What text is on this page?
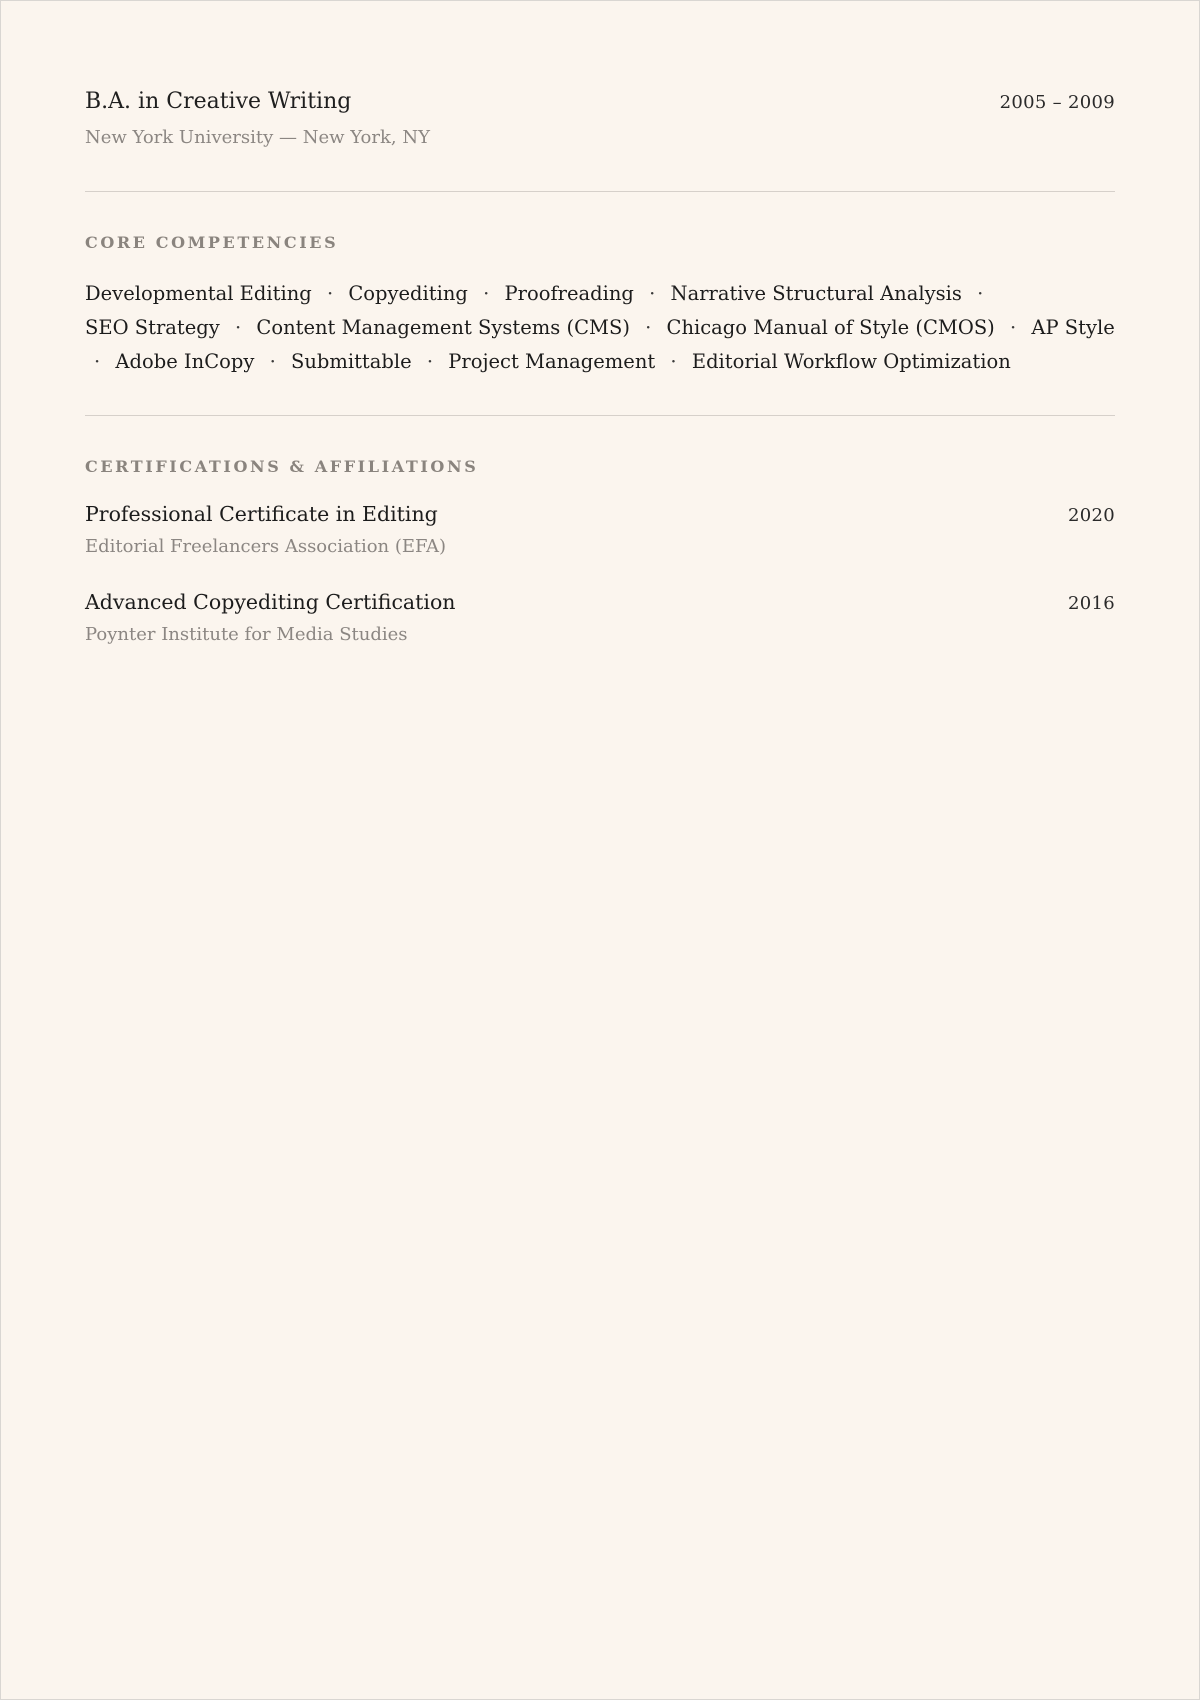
B.A. in Creative Writing	2005 – 2009
New York University — New York, NY
CORE COMPETENCIES
Developmental Editing · Copyediting · Proofreading · Narrative Structural Analysis · SEO Strategy · Content Management Systems (CMS) · Chicago Manual of Style (CMOS) · AP Style · Adobe InCopy · Submittable · Project Management · Editorial Workflow Optimization
CERTIFICATIONS & AFFILIATIONS
Professional Certificate in Editing	2020
Editorial Freelancers Association (EFA)
Advanced Copyediting Certification	2016
Poynter Institute for Media Studies
